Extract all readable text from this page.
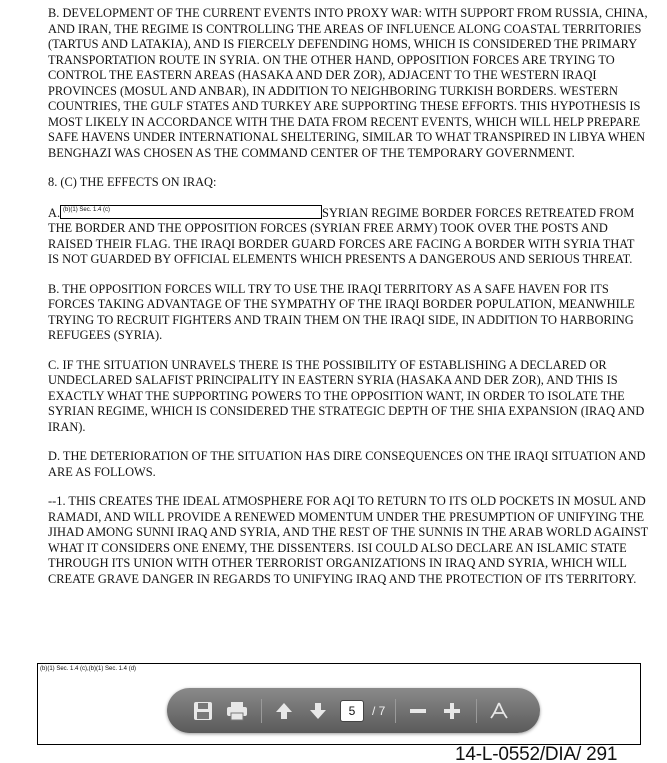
B. DEVELOPMENT OF THE CURRENT EVENTS INTO PROXY WAR: WITH SUPPORT FROM RUSSIA, CHINA, AND IRAN, THE REGIME IS CONTROLLING THE AREAS OF INFLUENCE ALONG COASTAL TERRITORIES (TARTUS AND LATAKIA), AND IS FIERCELY DEFENDING HOMS, WHICH IS CONSIDERED THE PRIMARY TRANSPORTATION ROUTE IN SYRIA. ON THE OTHER HAND, OPPOSITION FORCES ARE TRYING TO CONTROL THE EASTERN AREAS (HASAKA AND DER ZOR), ADJACENT TO THE WESTERN IRAQI PROVINCES (MOSUL AND ANBAR), IN ADDITION TO NEIGHBORING TURKISH BORDERS. WESTERN COUNTRIES, THE GULF STATES AND TURKEY ARE SUPPORTING THESE EFFORTS. THIS HYPOTHESIS IS MOST LIKELY IN ACCORDANCE WITH THE DATA FROM RECENT EVENTS, WHICH WILL HELP PREPARE SAFE HAVENS UNDER INTERNATIONAL SHELTERING, SIMILAR TO WHAT TRANSPIRED IN LIBYA WHEN BENGHAZI WAS CHOSEN AS THE COMMAND CENTER OF THE TEMPORARY GOVERNMENT.

8. (C) THE EFFECTS ON IRAQ:

A. (b)(1) Sec. 1.4 (c)	SYRIAN REGIME BORDER FORCES RETREATED FROM THE BORDER AND THE OPPOSITION FORCES (SYRIAN FREE ARMY) TOOK OVER THE POSTS AND RAISED THEIR FLAG. THE IRAQI BORDER GUARD FORCES ARE FACING A BORDER WITH SYRIA THAT IS NOT GUARDED BY OFFICIAL ELEMENTS WHICH PRESENTS A DANGEROUS AND SERIOUS THREAT.

B. THE OPPOSITION FORCES WILL TRY TO USE THE IRAQI TERRITORY AS A SAFE HAVEN FOR ITS FORCES TAKING ADVANTAGE OF THE SYMPATHY OF THE IRAQI BORDER POPULATION, MEANWHILE TRYING TO RECRUIT FIGHTERS AND TRAIN THEM ON THE IRAQI SIDE, IN ADDITION TO HARBORING REFUGEES (SYRIA).

C. IF THE SITUATION UNRAVELS THERE IS THE POSSIBILITY OF ESTABLISHING A DECLARED OR UNDECLARED SALAFIST PRINCIPALITY IN EASTERN SYRIA (HASAKA AND DER ZOR), AND THIS IS EXACTLY WHAT THE SUPPORTING POWERS TO THE OPPOSITION WANT, IN ORDER TO ISOLATE THE SYRIAN REGIME, WHICH IS CONSIDERED THE STRATEGIC DEPTH OF THE SHIA EXPANSION (IRAQ AND IRAN).

D. THE DETERIORATION OF THE SITUATION HAS DIRE CONSEQUENCES ON THE IRAQI SITUATION AND ARE AS FOLLOWS.

--1. THIS CREATES THE IDEAL ATMOSPHERE FOR AQI TO RETURN TO ITS OLD POCKETS IN MOSUL AND RAMADI, AND WILL PROVIDE A RENEWED MOMENTUM UNDER THE PRESUMPTION OF UNIFYING THE JIHAD AMONG SUNNI IRAQ AND SYRIA, AND THE REST OF THE SUNNIS IN THE ARAB WORLD AGAINST WHAT IT CONSIDERS ONE ENEMY, THE DISSENTERS. ISI COULD ALSO DECLARE AN ISLAMIC STATE THROUGH ITS UNION WITH OTHER TERRORIST ORGANIZATIONS IN IRAQ AND SYRIA, WHICH WILL CREATE GRAVE DANGER IN REGARDS TO UNIFYING IRAQ AND THE PROTECTION OF ITS TERRITORY.

(b)(1) Sec. 1.4 (c),(b)(1) Sec. 1.4 (d)
5	/ 7
14-L-0552/DIA/ 291
